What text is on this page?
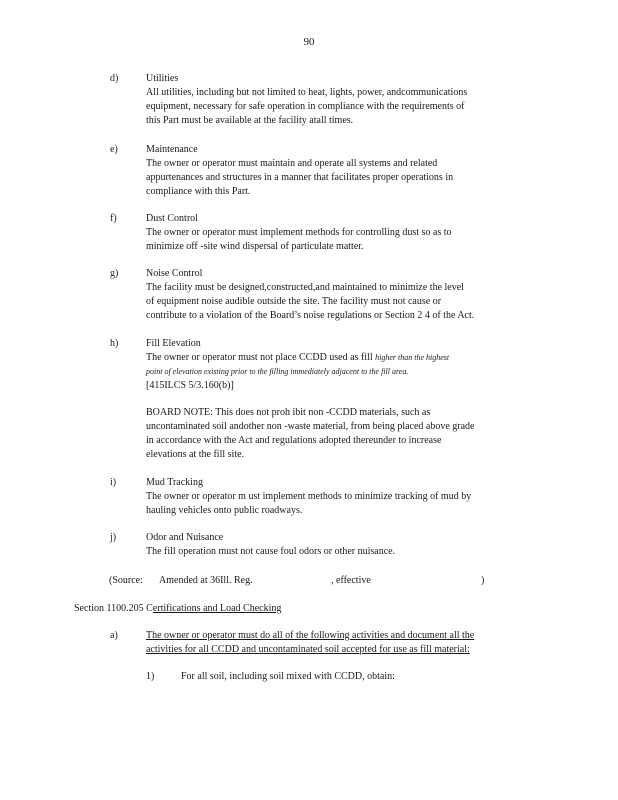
90
d)	Utilities
All utilities, including but not limited to heat, lights, power, andcommunications
equipment, necessary for safe operation in compliance with the requirements of
this Part must be available at the facility atall times.
e)	Maintenance
The owner or operator must maintain and operate all systems and related
appurtenances and structures in a manner that facilitates proper operations in
compliance with this Part.
f)	Dust Control
The owner or operator must implement methods for controlling dust so as to
minimize off -site wind dispersal of particulate matter.
g)	Noise Control
The facility must be designed,constructed,and maintained to minimize the level
of equipment noise audible outside the site. The facility must not cause or
contribute to a violation of the Board’s noise regulations or Section 2 4 of the Act.
h)	Fill Elevation
The owner or operator must not place CCDD used as fill higher than the highest
point of elevation existing prior to the filling immediately adjacent to the fill area.
[415ILCS 5/3.160(b)]
BOARD NOTE: This does not proh ibit non -CCDD materials, such as
uncontaminated soil andother non -waste material, from being placed above grade
in accordance with the Act and regulations adopted thereunder to increase
elevations at the fill site.
i)	Mud Tracking
The owner or operator m ust implement methods to minimize tracking of mud by
hauling vehicles onto public roadways.
j)	Odor and Nuisance
The fill operation must not cause foul odors or other nuisance.
(Source: Amended at 36Ill. Reg.	, effective	)
Section 1100.205 Certifications and Load Checking
a)	The owner or operator must do all of the following activities and document all the
activities for all CCDD and uncontaminated soil accepted for use as fill material:
1)	For all soil, including soil mixed with CCDD, obtain:
